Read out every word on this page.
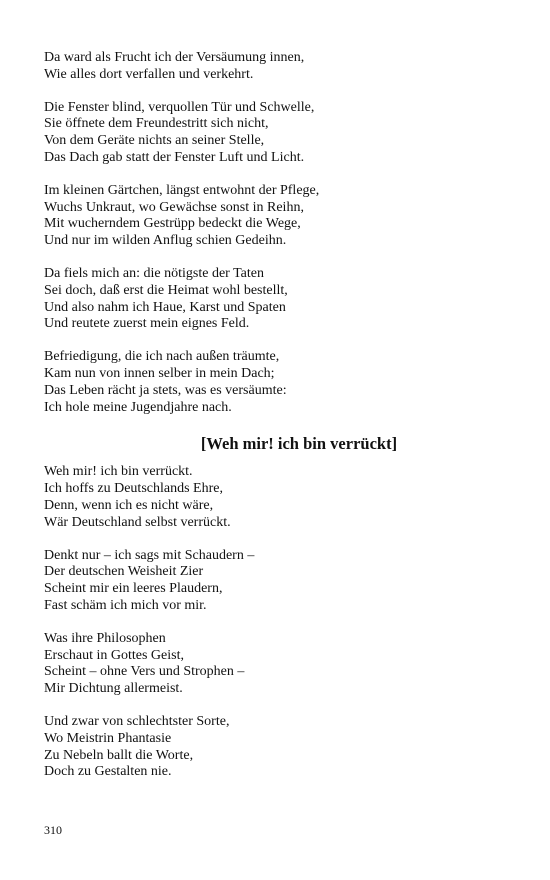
Da ward als Frucht ich der Versäumung innen,
Wie alles dort verfallen und verkehrt.
Die Fenster blind, verquollen Tür und Schwelle,
Sie öffnete dem Freundestritt sich nicht,
Von dem Geräte nichts an seiner Stelle,
Das Dach gab statt der Fenster Luft und Licht.
Im kleinen Gärtchen, längst entwohnt der Pflege,
Wuchs Unkraut, wo Gewächse sonst in Reihn,
Mit wucherndem Gestrüpp bedeckt die Wege,
Und nur im wilden Anflug schien Gedeihn.
Da fiels mich an: die nötigste der Taten
Sei doch, daß erst die Heimat wohl bestellt,
Und also nahm ich Haue, Karst und Spaten
Und reutete zuerst mein eignes Feld.
Befriedigung, die ich nach außen träumte,
Kam nun von innen selber in mein Dach;
Das Leben rächt ja stets, was es versäumte:
Ich hole meine Jugendjahre nach.
[Weh mir! ich bin verrückt]
Weh mir! ich bin verrückt.
Ich hoffs zu Deutschlands Ehre,
Denn, wenn ich es nicht wäre,
Wär Deutschland selbst verrückt.
Denkt nur – ich sags mit Schaudern –
Der deutschen Weisheit Zier
Scheint mir ein leeres Plaudern,
Fast schäm ich mich vor mir.
Was ihre Philosophen
Erschaut in Gottes Geist,
Scheint – ohne Vers und Strophen –
Mir Dichtung allermeist.
Und zwar von schlechtster Sorte,
Wo Meistrin Phantasie
Zu Nebeln ballt die Worte,
Doch zu Gestalten nie.
310
